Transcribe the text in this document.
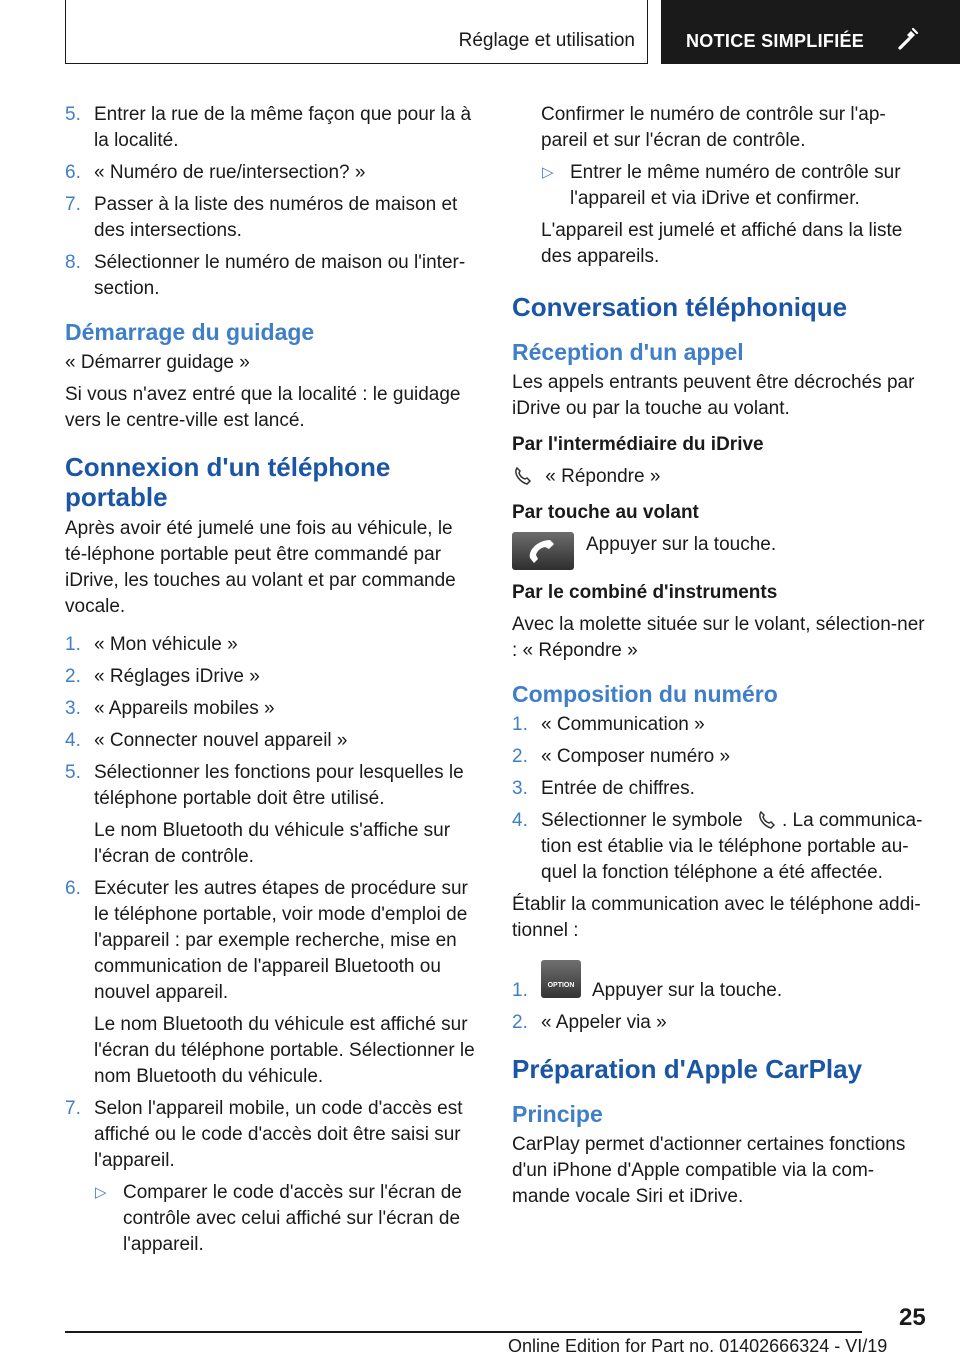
Réglage et utilisation	NOTICE SIMPLIFIÉE
5. Entrer la rue de la même façon que pour la à la localité.
6. « Numéro de rue/intersection? »
7. Passer à la liste des numéros de maison et des intersections.
8. Sélectionner le numéro de maison ou l'inter-section.
Démarrage du guidage

« Démarrer guidage »

Si vous n'avez entré que la localité : le guidage vers le centre-ville est lancé.

Connexion d'un téléphone portable

Après avoir été jumelé une fois au véhicule, le té-léphone portable peut être commandé par iDrive, les touches au volant et par commande vocale.

1. « Mon véhicule »
2. « Réglages iDrive »
3. « Appareils mobiles »
4. « Connecter nouvel appareil »
5. Sélectionner les fonctions pour lesquelles le téléphone portable doit être utilisé.
Le nom Bluetooth du véhicule s'affiche sur l'écran de contrôle.
6. Exécuter les autres étapes de procédure sur le téléphone portable, voir mode d'emploi de l'appareil : par exemple recherche, mise en communication de l'appareil Bluetooth ou nouvel appareil.
Le nom Bluetooth du véhicule est affiché sur l'écran du téléphone portable. Sélectionner le nom Bluetooth du véhicule.
7. Selon l'appareil mobile, un code d'accès est affiché ou le code d'accès doit être saisi sur l'appareil.
▷ Comparer le code d'accès sur l'écran de contrôle avec celui affiché sur l'écran de l'appareil.
Confirmer le numéro de contrôle sur l'ap-pareil et sur l'écran de contrôle.
▷ Entrer le même numéro de contrôle sur l'appareil et via iDrive et confirmer.
L'appareil est jumelé et affiché dans la liste des appareils.
Conversation téléphonique
Réception d'un appel

Les appels entrants peuvent être décrochés par iDrive ou par la touche au volant.

Par l'intermédiaire du iDrive

« Répondre »

Par touche au volant
Appuyer sur la touche.
Par le combiné d'instruments

Avec la molette située sur le volant, sélection-ner : « Répondre »

Composition du numéro
1. « Communication »
2. « Composer numéro »
3. Entrée de chiffres.
4. Sélectionner le symbole . La communica-tion est établie via le téléphone portable au-quel la fonction téléphone a été affectée.

Établir la communication avec le téléphone addi-tionnel :

1.	OPTION Appuyer sur la touche.
2. « Appeler via »
Préparation d'Apple CarPlay
Principe

CarPlay permet d'actionner certaines fonctions d'un iPhone d'Apple compatible via la com-mande vocale Siri et iDrive.

25
Online Edition for Part no. 01402666324 - VI/19
